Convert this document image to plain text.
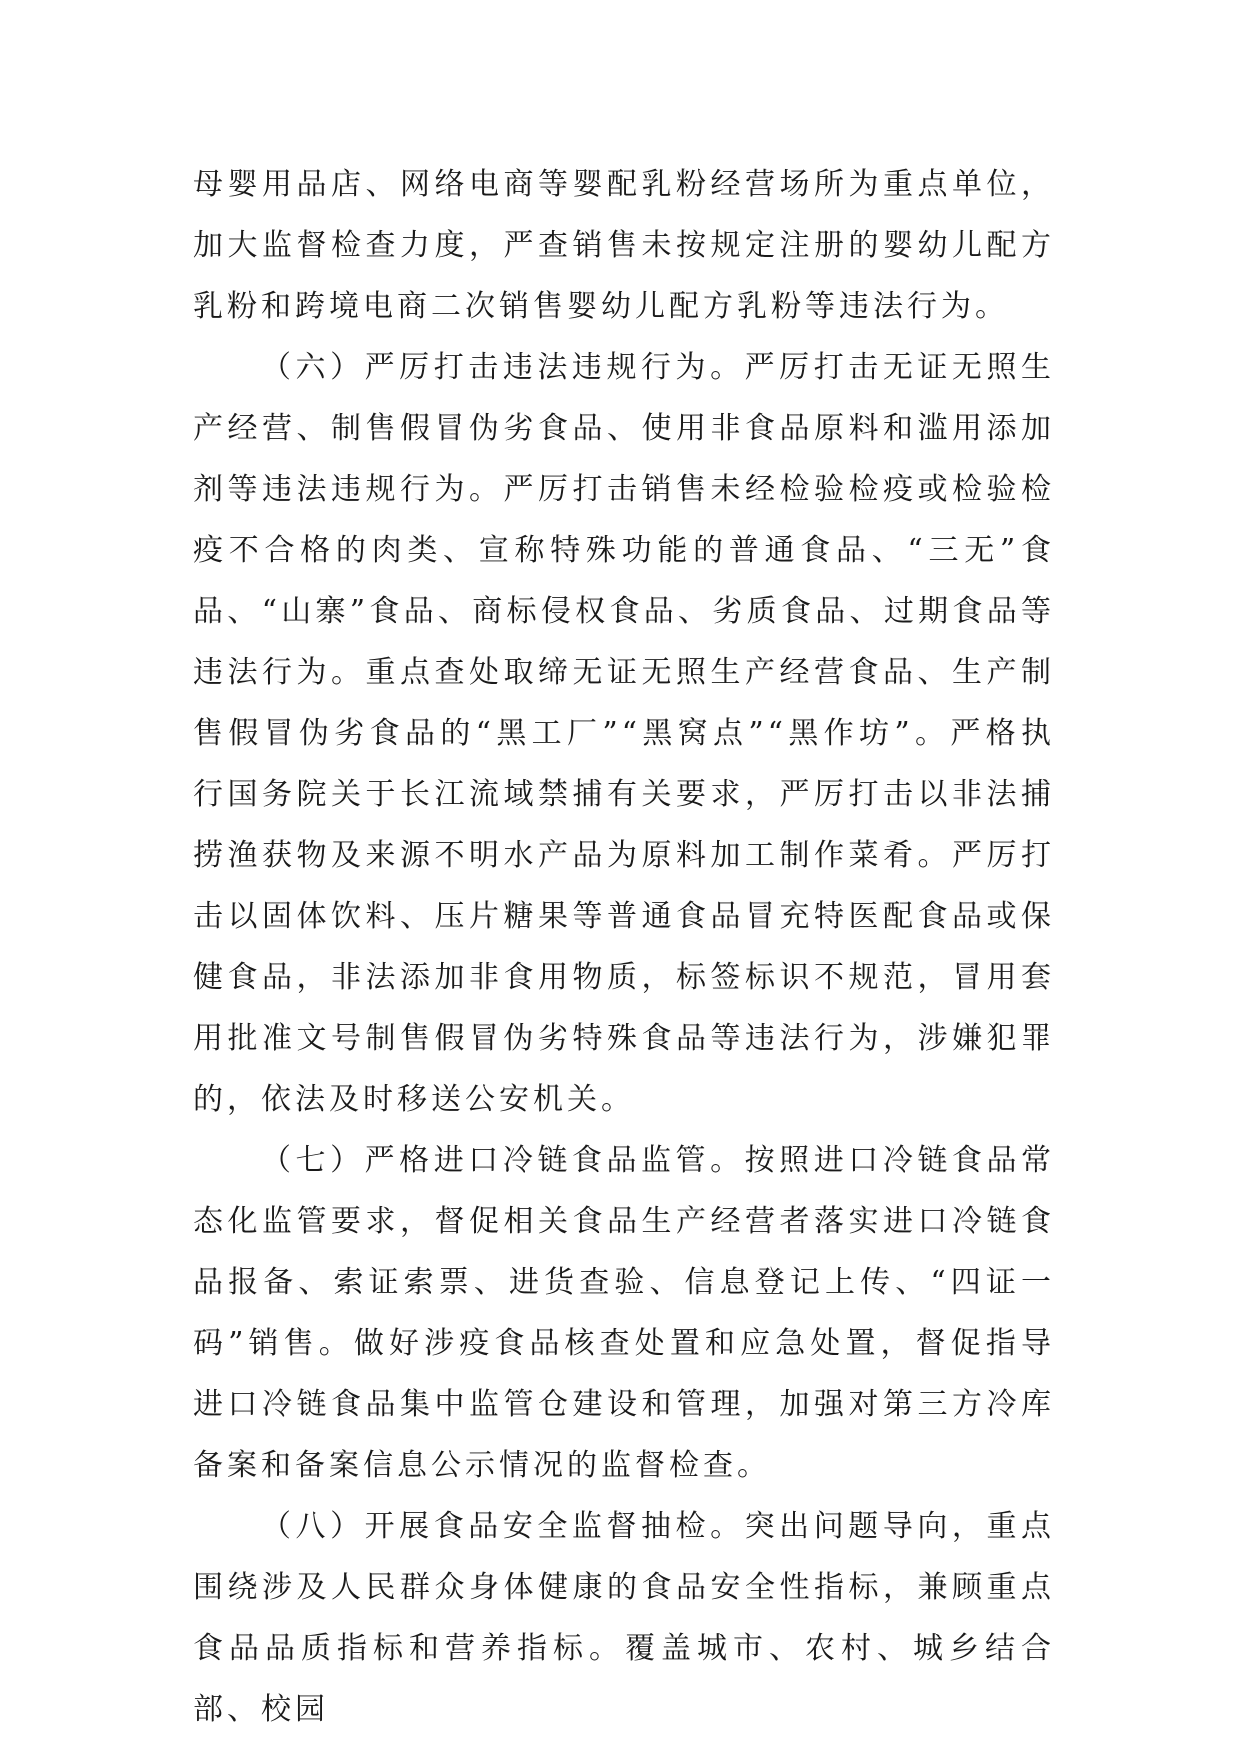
母婴用品店、网络电商等婴配乳粉经营场所为重点单位，加大监督检查力度，严查销售未按规定注册的婴幼儿配方乳粉和跨境电商二次销售婴幼儿配方乳粉等违法行为。

（六）严厉打击违法违规行为。严厉打击无证无照生产经营、制售假冒伪劣食品、使用非食品原料和滥用添加剂等违法违规行为。严厉打击销售未经检验检疫或检验检疫不合格的肉类、宣称特殊功能的普通食品、“三无”食品、“山寨”食品、商标侵权食品、劣质食品、过期食品等违法行为。重点查处取缔无证无照生产经营食品、生产制售假冒伪劣食品的“黑工厂”“黑窝点”“黑作坊”。严格执行国务院关于长江流域禁捕有关要求，严厉打击以非法捕捞渔获物及来源不明水产品为原料加工制作菜肴。严厉打击以固体饮料、压片糖果等普通食品冒充特医配食品或保健食品，非法添加非食用物质，标签标识不规范，冒用套用批准文号制售假冒伪劣特殊食品等违法行为，涉嫌犯罪的，依法及时移送公安机关。

（七）严格进口冷链食品监管。按照进口冷链食品常态化监管要求，督促相关食品生产经营者落实进口冷链食品报备、索证索票、进货查验、信息登记上传、“四证一码”销售。做好涉疫食品核查处置和应急处置，督促指导进口冷链食品集中监管仓建设和管理，加强对第三方冷库备案和备案信息公示情况的监督检查。

（八）开展食品安全监督抽检。突出问题导向，重点围绕涉及人民群众身体健康的食品安全性指标，兼顾重点食品品质指标和营养指标。覆盖城市、农村、城乡结合部、校园
